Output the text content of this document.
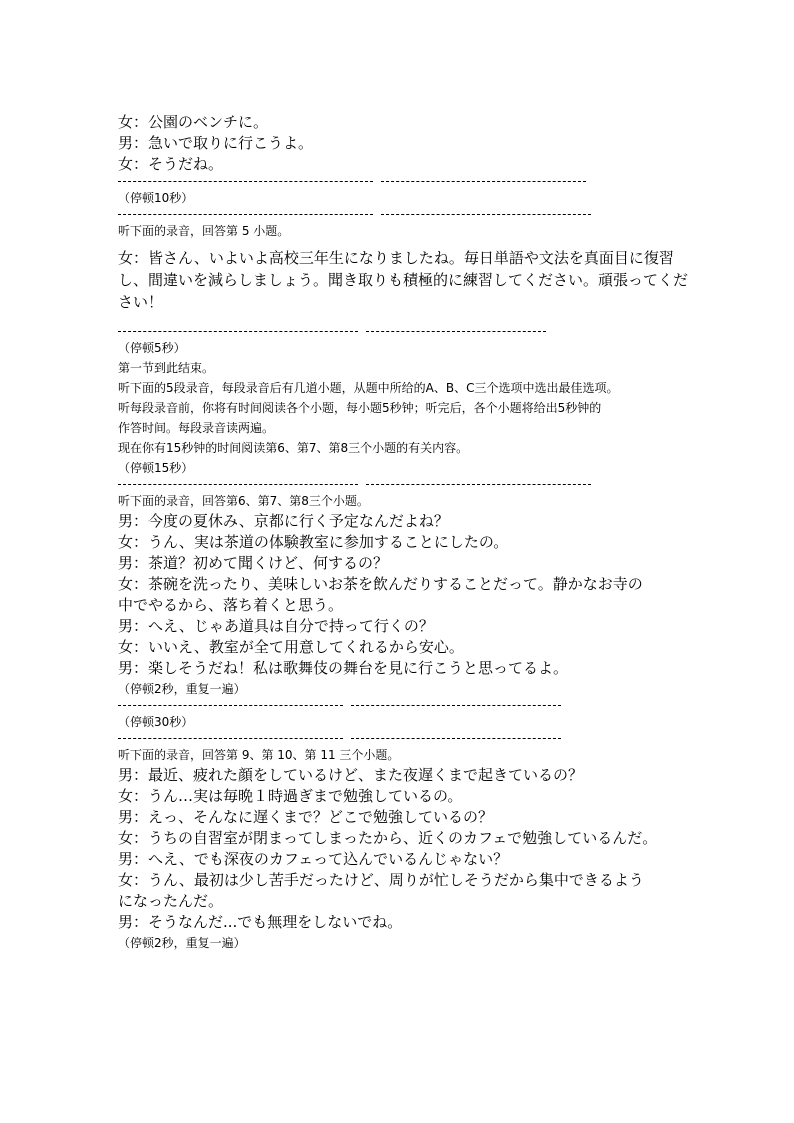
女：公園のベンチに。
男：急いで取りに行こうよ。
女：そうだね。
（停顿10秒）
听下面的录音，回答第 5 小题。
女：皆さん、いよいよ高校三年生になりましたね。毎日単語や文法を真面目に復習し、間違いを減らしましょう。聞き取りも積極的に練習してください。頑張ってください！
（停顿5秒）
第一节到此结束。
听下面的5段录音，每段录音后有几道小题，从题中所给的A、B、C三个选项中选出最佳选项。
听每段录音前，你将有时间阅读各个小题，每小题5秒钟；听完后，各个小题将给出5秒钟的
作答时间。每段录音读两遍。
现在你有15秒钟的时间阅读第6、第7、第8三个小题的有关内容。
（停顿15秒）
听下面的录音，回答第6、第7、第8三个小题。
男：今度の夏休み、京都に行く予定なんだよね？
女：うん、実は茶道の体験教室に参加することにしたの。
男：茶道？初めて聞くけど、何するの？
女：茶碗を洗ったり、美味しいお茶を飲んだりすることだって。静かなお寺の
中でやるから、落ち着くと思う。
男：へえ、じゃあ道具は自分で持って行くの？
女：いいえ、教室が全て用意してくれるから安心。
男：楽しそうだね！私は歌舞伎の舞台を見に行こうと思ってるよ。
（停顿2秒，重复一遍）
（停顿30秒）
听下面的录音，回答第 9、第 10、第 11 三个小题。
男：最近、疲れた顔をしているけど、また夜遅くまで起きているの？
女：うん…実は毎晩１時過ぎまで勉強しているの。
男：えっ、そんなに遅くまで？どこで勉強しているの？
女：うちの自習室が閉まってしまったから、近くのカフェで勉強しているんだ。
男：へえ、でも深夜のカフェって込んでいるんじゃない？
女：うん、最初は少し苦手だったけど、周りが忙しそうだから集中できるよう
になったんだ。
男：そうなんだ...でも無理をしないでね。
（停顿2秒，重复一遍）
